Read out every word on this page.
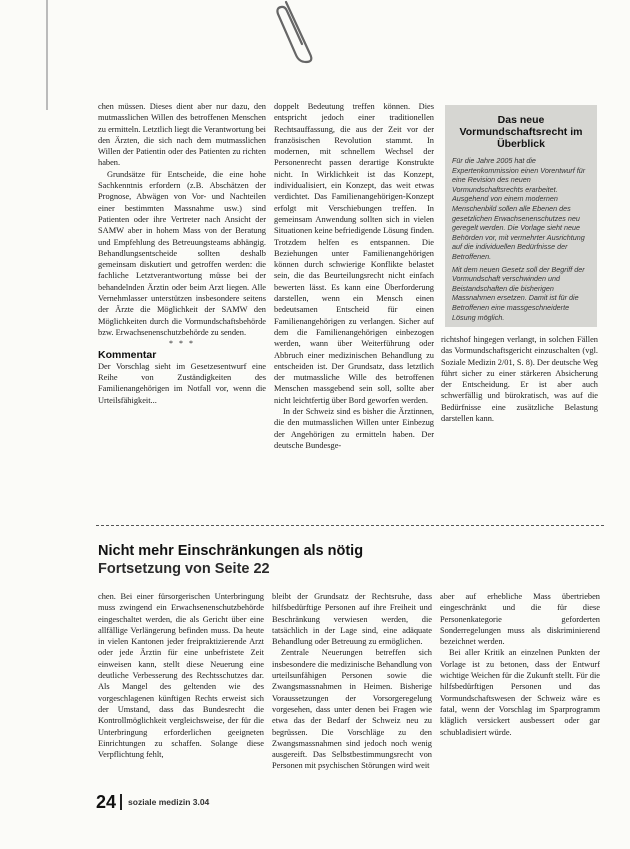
chen müssen. Dieses dient aber nur dazu, den mutmasslichen Willen des betroffenen Menschen zu ermitteln. Letztlich liegt die Verantwortung bei den Ärzten, die sich nach dem mutmasslichen Willen der Patientin oder des Patienten zu richten haben.

Grundsätze für Entscheide, die eine hohe Sachkenntnis erfordern (z.B. Abschätzen der Prognose, Abwägen von Vor- und Nachteilen einer bestimmten Massnahme usw.) sind Patienten oder ihre Vertreter nach Ansicht der SAMW aber in hohem Mass von der Beratung und Empfehlung des Betreuungsteams abhängig. Behandlungsentscheide sollten deshalb gemeinsam diskutiert und getroffen werden: die fachliche Letztverantwortung müsse bei der behandelnden Ärztin oder beim Arzt liegen. Alle Vernehmlasser unterstützen insbesondere seitens der Ärzte die Möglichkeit der SAMW den Möglichkeiten durch die Vormundschaftsbehörde bzw. Erwachsenenschutzbehörde zu senden.

* * *

Kommentar

Der Vorschlag sieht im Gesetzesentwurf eine Reihe von Zuständigkeiten des Familienangehörigen im Notfall vor, wenn die Urteilsfähigkeit...

doppelt Bedeutung treffen können. Dies entspricht jedoch einer traditionellen Rechtsauffassung, die aus der Zeit vor der französischen Revolution stammt. In modernen, mit schnellem Wechsel der Personenrecht passen derartige Konstrukte nicht. In Wirklichkeit ist das Konzept, individualisiert, ein Konzept, das weit etwas verdichtet. Das Familienangehörigen-Konzept erfolgt mit Verschiebungen treffen. In gemeinsam Anwendung sollten sich in vielen Situationen keine befriedigende Lösung finden. Trotzdem helfen es entspannen. Die Beziehungen unter Familienangehörigen können durch schwierige Konflikte belastet sein, die das Beurteilungsrecht nicht einfach bewerten lässt. Es kann eine Überforderung darstellen, wenn ein Mensch einen bedeutsamen Entscheid für einen Familienangehörigen zu verlangen. Sicher auf dem die Familienangehörigen einbezogen werden, wann über Weiterführung oder Abbruch einer medizinischen Behandlung zu entscheiden ist. Der Grundsatz, dass letztlich der mutmassliche Wille des betroffenen Menschen massgebend sein soll, sollte aber nicht leichtfertig über Bord geworfen werden.

In der Schweiz sind es bisher die Ärztinnen, die den mutmasslichen Willen unter Einbezug der Angehörigen zu ermitteln haben. Der deutsche Bundesge-

Das neue Vormundschaftsrecht im Überblick

Für die Jahre 2005 hat die Expertenkommission einen Vorentwurf für eine Revision des neuen Vormundschaftsrechts erarbeitet. Ausgehend von einem modernen Menschenbild sollen alle Ebenen des gesetzlichen Erwachsenenschutzes neu geregelt werden. Die Vorlage sieht neue Behörden vor, mit vermehrter Ausrichtung auf die individuellen Bedürfnisse der Betroffenen.

Mit dem neuen Gesetz soll der Begriff der Vormundschaft verschwinden und Beistandschaften die bisherigen Massnahmen ersetzen. Damit ist für die Betroffenen eine massgeschneiderte Lösung möglich.

richtshof hingegen verlangt, in solchen Fällen das Vormundschaftsgericht einzuschalten (vgl. Soziale Medizin 2/01, S. 8). Der deutsche Weg führt sicher zu einer stärkeren Absicherung der Entscheidung. Er ist aber auch schwerfällig und bürokratisch, was auf die Bedürfnisse eine zusätzliche Belastung darstellen kann.

Nicht mehr Einschränkungen als nötig
Fortsetzung von Seite 22

chen. Bei einer fürsorgerischen Unterbringung muss zwingend ein Erwachsenenschutzbehörde eingeschaltet werden, die als Gericht über eine allfällige Verlängerung befinden muss. Da heute in vielen Kantonen jeder freipraktizierende Arzt oder jede Ärztin für eine unbefristete Zeit einweisen kann, stellt diese Neuerung eine deutliche Verbesserung des Rechtsschutzes dar. Als Mangel des geltenden wie des vorgeschlagenen künftigen Rechts erweist sich der Umstand, dass das Bundesrecht die Kontrollmöglichkeit vergleichsweise, der für die Unterbringung erforderlichen geeigneten Einrichtungen zu schaffen. Solange diese Verpflichtung fehlt,

bleibt der Grundsatz der Rechtsruhe, dass hilfsbedürftige Personen auf ihre Freiheit und Beschränkung verwiesen werden, die tatsächlich in der Lage sind, eine adäquate Behandlung oder Betreuung zu ermöglichen.

Zentrale Neuerungen betreffen sich insbesondere die medizinische Behandlung von urteilsunfähigen Personen sowie die Zwangsmassnahmen in Heimen. Bisherige Voraussetzungen der Vorsorgeregelung vorgesehen, dass unter denen bei Fragen wie etwa das der Bedarf der Schweiz neu zu begrüssen. Die Vorschläge zu den Zwangsmassnahmen sind jedoch noch wenig ausgereift. Das Selbstbestimmungsrecht von Personen mit psychischen Störungen wird weit

aber auf erhebliche Mass übertrieben eingeschränkt und die für diese Personenkategorie geforderten Sonderregelungen muss als diskriminierend bezeichnet werden.

Bei aller Kritik an einzelnen Punkten der Vorlage ist zu betonen, dass der Entwurf wichtige Weichen für die Zukunft stellt. Für die hilfsbedürftigen Personen und das Vormundschaftswesen der Schweiz wäre es fatal, wenn der Vorschlag im Sparprogramm kläglich versickert ausbessert oder gar schubladisiert würde.

24 soziale medizin 3.04
